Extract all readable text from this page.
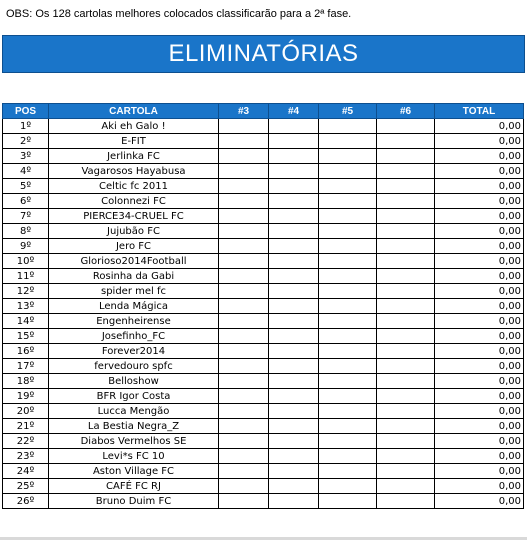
OBS: Os 128 cartolas melhores colocados classificarão para a 2ª fase.
ELIMINATÓRIAS
POS	CARTOLA	#3	#4	#5	#6	TOTAL
1º	Aki eh Galo !					0,00
2º	E-FIT					0,00
3º	Jerlinka FC					0,00
4º	Vagarosos Hayabusa					0,00
5º	Celtic fc 2011					0,00
6º	Colonnezi FC					0,00
7º	PIERCE34-CRUEL FC					0,00
8º	Jujubão FC					0,00
9º	Jero FC					0,00
10º	Glorioso2014Football					0,00
11º	Rosinha da Gabi					0,00
12º	spider mel fc					0,00
13º	Lenda Mágica					0,00
14º	Engenheirense					0,00
15º	Josefinho_FC					0,00
16º	Forever2014					0,00
17º	fervedouro spfc					0,00
18º	Belloshow					0,00
19º	BFR Igor Costa					0,00
20º	Lucca Mengão					0,00
21º	La Bestia Negra_Z					0,00
22º	Diabos Vermelhos SE					0,00
23º	Levi*s FC 10					0,00
24º	Aston Village FC					0,00
25º	CAFÉ FC RJ					0,00
26º	Bruno Duim FC					0,00
